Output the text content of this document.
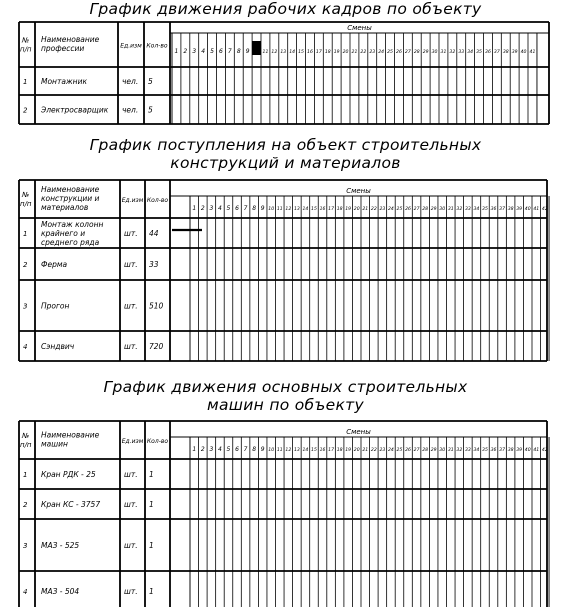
График движения рабочих кадров по объекту
График поступления на объект строительных
конструкций и материалов
График движения основных строительных
машин по объекту
№
п/п
Наименование
профессии	Ед.изм Кол-во
Смены
1 2 3 4 5 6 7 8 9	11 12 13 14 15 16 17 18 19 20 21 22 23 24 25 26 27 28 29 30 31 32 33 34 35 36 37 38 39 40 41
1 Монтажник	чел. 5
2 Электросварщик чел. 5
№
п/п
Наименование
конструкции и
материалов
Ед.изм Кол-во
Смены
1 2 3 4 5 6 7 8 9 10 11 12 13 14 15 16 17 18 19 20 21 22 23 24 25 26 27 28 29 30 31 32 33 34 35 36 37 38 39 40 41 42
1
Монтаж колонн
крайнего и
среднего ряда
шт. 44
2 Ферма	шт. 33
3 Прогон	шт. 510
4 Сэндвич	шт. 720
№
п/п
Наименование
машин	Ед.изм Кол-во
Смены
1 2 3 4 5 6 7 8 9 10 11 12 13 14 15 16 17 18 19 20 21 22 23 24 25 26 27 28 29 30 31 32 33 34 35 36 37 38 39 40 41 42
1 Кран РДК - 25	шт. 1
2 Кран КС - 3757	шт. 1
3 МАЗ - 525	шт. 1
4 МАЗ - 504	шт. 1
